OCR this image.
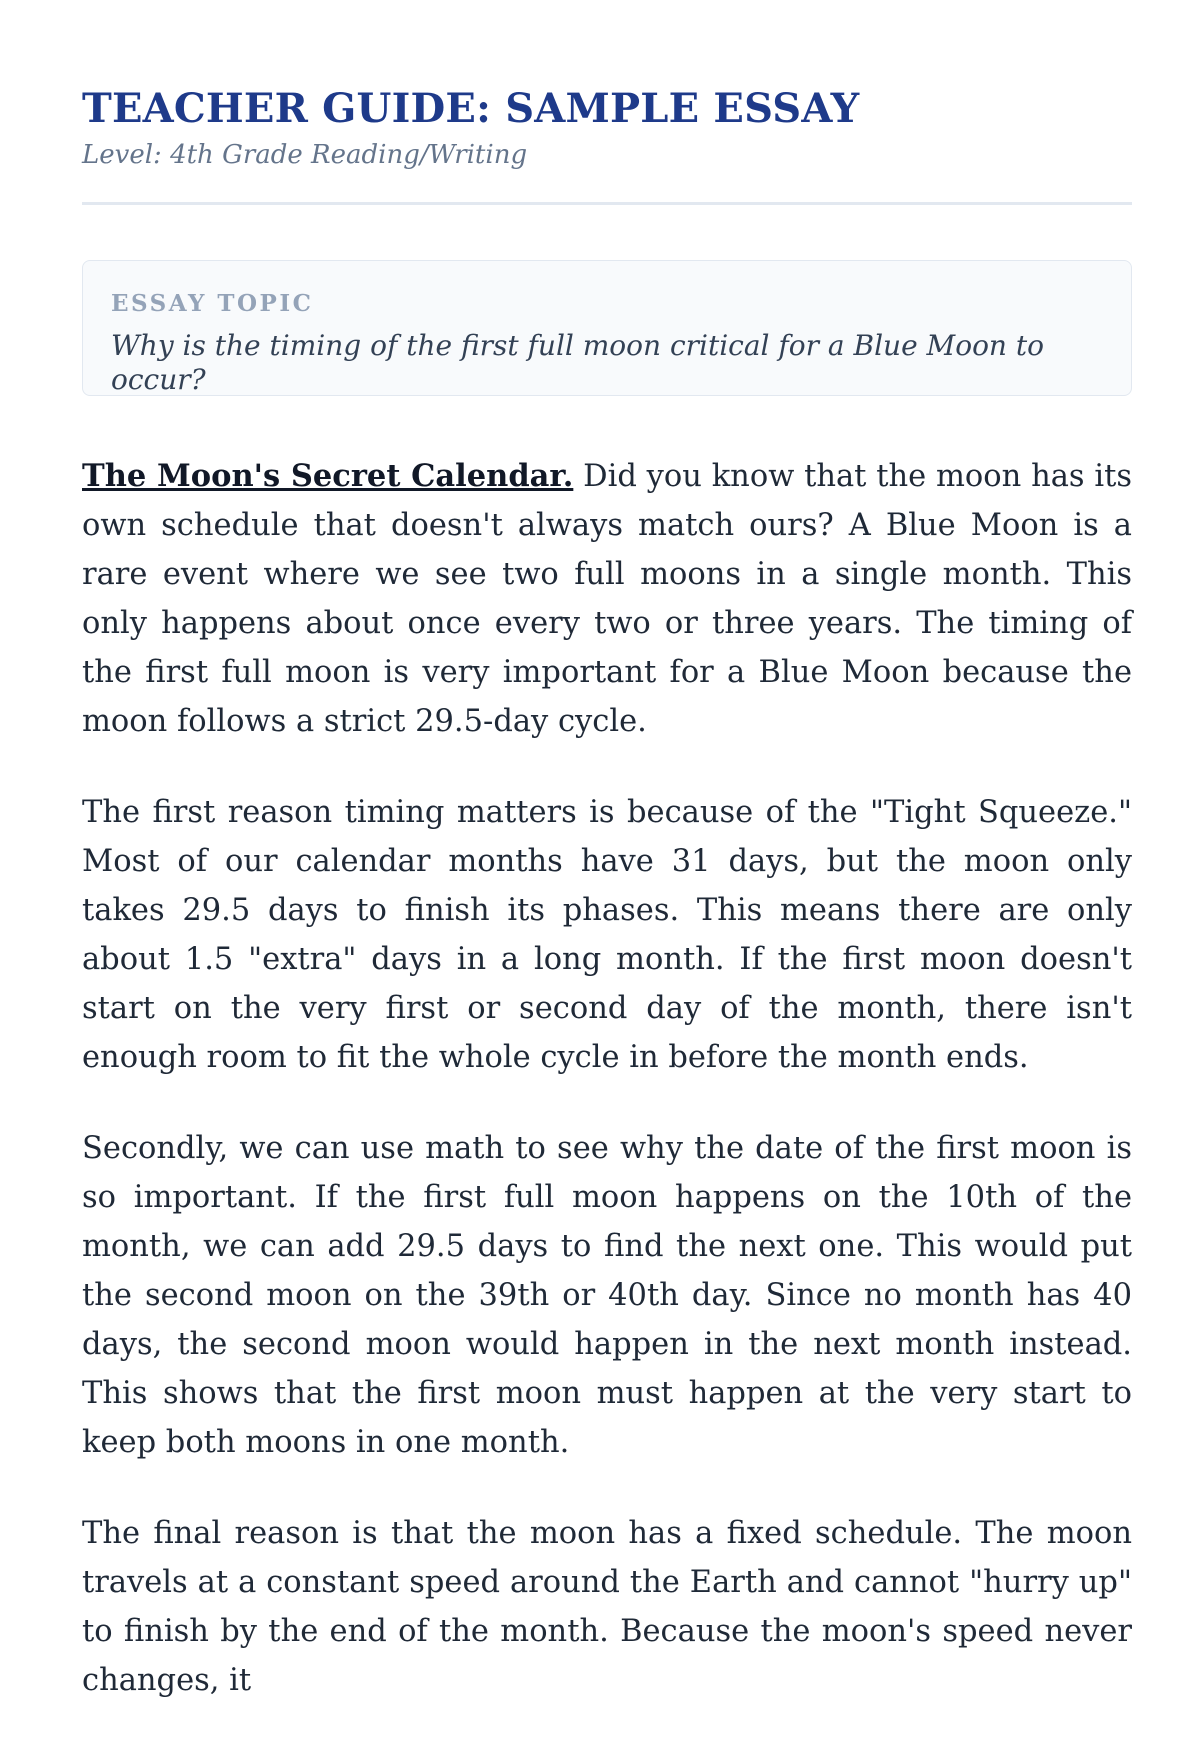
TEACHER GUIDE: SAMPLE ESSAY
Level: 4th Grade Reading/Writing
ESSAY TOPIC
Why is the timing of the first full moon critical for a Blue Moon to occur?

The Moon's Secret Calendar. Did you know that the moon has its own schedule that doesn't always match ours? A Blue Moon is a rare event where we see two full moons in a single month. This only happens about once every two or three years. The timing of the first full moon is very important for a Blue Moon because the moon follows a strict 29.5-day cycle.

The first reason timing matters is because of the "Tight Squeeze." Most of our calendar months have 31 days, but the moon only takes 29.5 days to finish its phases. This means there are only about 1.5 "extra" days in a long month. If the first moon doesn't start on the very first or second day of the month, there isn't enough room to fit the whole cycle in before the month ends.

Secondly, we can use math to see why the date of the first moon is so important. If the first full moon happens on the 10th of the month, we can add 29.5 days to find the next one. This would put the second moon on the 39th or 40th day. Since no month has 40 days, the second moon would happen in the next month instead. This shows that the first moon must happen at the very start to keep both moons in one month.

The final reason is that the moon has a fixed schedule. The moon travels at a constant speed around the Earth and cannot "hurry up" to finish by the end of the month. Because the moon's speed never changes, it
